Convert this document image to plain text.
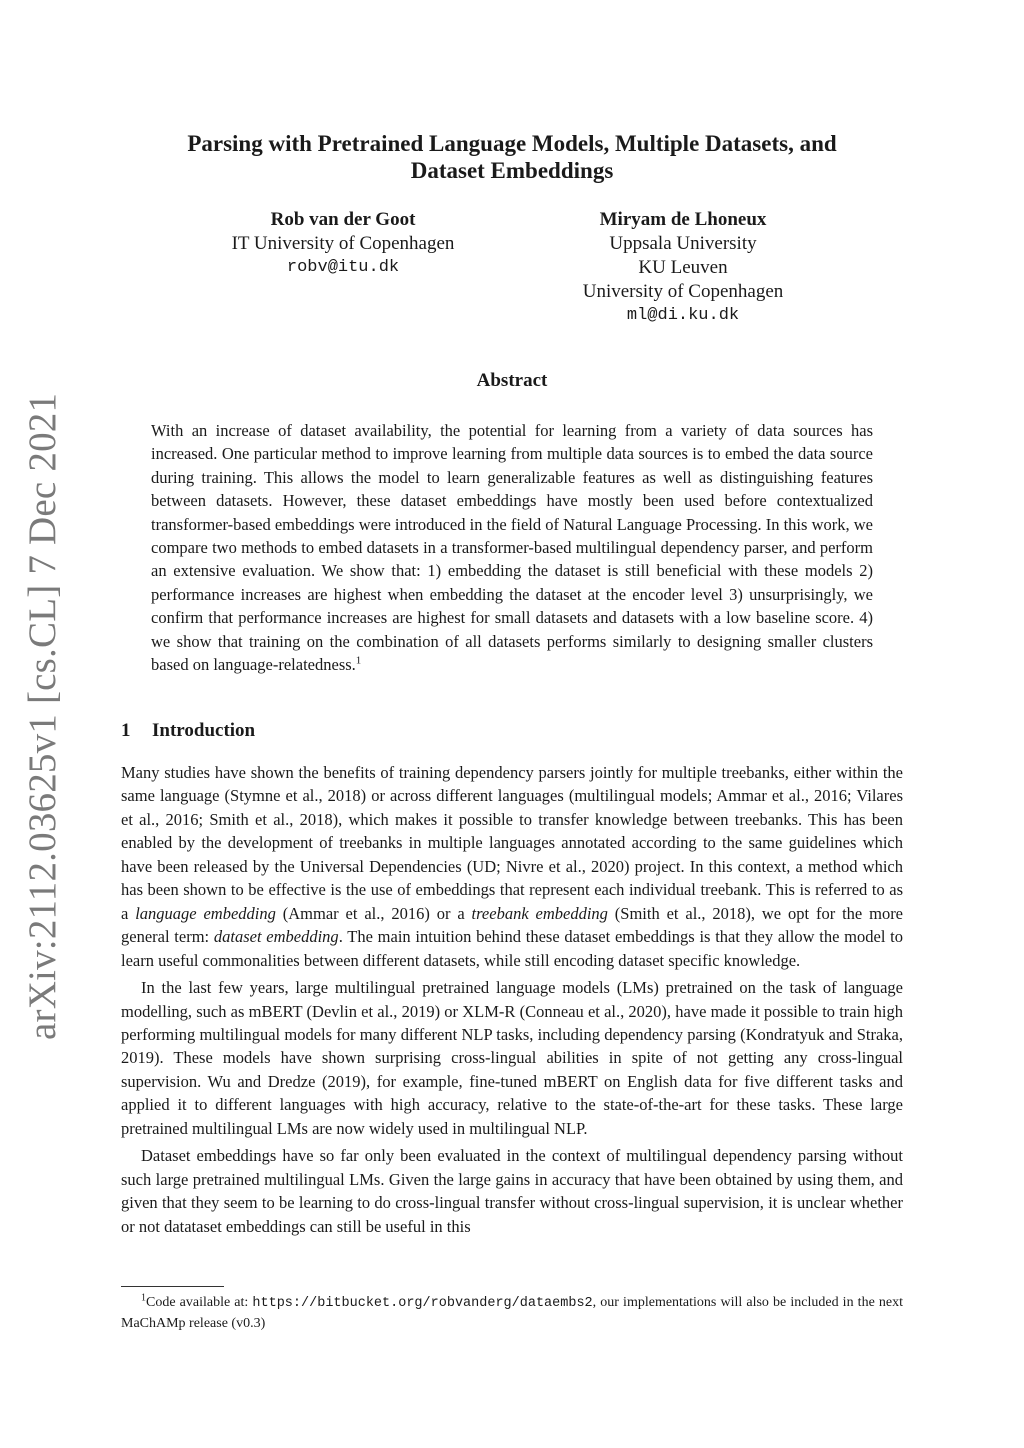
arXiv:2112.03625v1 [cs.CL] 7 Dec 2021
Parsing with Pretrained Language Models, Multiple Datasets, and
Dataset Embeddings
Rob van der Goot
IT University of Copenhagen
robv@itu.dk
Miryam de Lhoneux
Uppsala University
KU Leuven
University of Copenhagen
ml@di.ku.dk
Abstract
With an increase of dataset availability, the potential for learning from a variety of data sources has increased. One particular method to improve learning from multiple data sources is to embed the data source during training. This allows the model to learn generalizable features as well as distinguishing features between datasets. However, these dataset embeddings have mostly been used before contextualized transformer-based embeddings were introduced in the field of Natural Language Processing. In this work, we compare two methods to embed datasets in a transformer-based multilingual dependency parser, and perform an extensive evaluation. We show that: 1) embedding the dataset is still beneficial with these models 2) performance increases are highest when embedding the dataset at the encoder level 3) unsurprisingly, we confirm that performance increases are highest for small datasets and datasets with a low baseline score. 4) we show that training on the combination of all datasets performs similarly to designing smaller clusters based on language-relatedness.$^1$
1 Introduction

Many studies have shown the benefits of training dependency parsers jointly for multiple treebanks, either within the same language (Stymne et al., 2018) or across different languages (multilingual models; Ammar et al., 2016; Vilares et al., 2016; Smith et al., 2018), which makes it possible to transfer knowledge between treebanks. This has been enabled by the development of treebanks in multiple languages annotated according to the same guidelines which have been released by the Universal Dependencies (UD; Nivre et al., 2020) project. In this context, a method which has been shown to be effective is the use of embeddings that represent each individual treebank. This is referred to as a language embedding (Ammar et al., 2016) or a treebank embedding (Smith et al., 2018), we opt for the more general term: dataset embedding. The main intuition behind these dataset embeddings is that they allow the model to learn useful commonalities between different datasets, while still encoding dataset specific knowledge.

In the last few years, large multilingual pretrained language models (LMs) pretrained on the task of language modelling, such as mBERT (Devlin et al., 2019) or XLM-R (Conneau et al., 2020), have made it possible to train high performing multilingual models for many different NLP tasks, including dependency parsing (Kondratyuk and Straka, 2019). These models have shown surprising cross-lingual abilities in spite of not getting any cross-lingual supervision. Wu and Dredze (2019), for example, fine-tuned mBERT on English data for five different tasks and applied it to different languages with high accuracy, relative to the state-of-the-art for these tasks. These large pretrained multilingual LMs are now widely used in multilingual NLP.

Dataset embeddings have so far only been evaluated in the context of multilingual dependency parsing without such large pretrained multilingual LMs. Given the large gains in accuracy that have been obtained by using them, and given that they seem to be learning to do cross-lingual transfer without cross-lingual supervision, it is unclear whether or not datataset embeddings can still be useful in this

$^1$Code available at: https://bitbucket.org/robvanderg/dataembs2, our implementations will also be included in the next MaChAMp release (v0.3)
